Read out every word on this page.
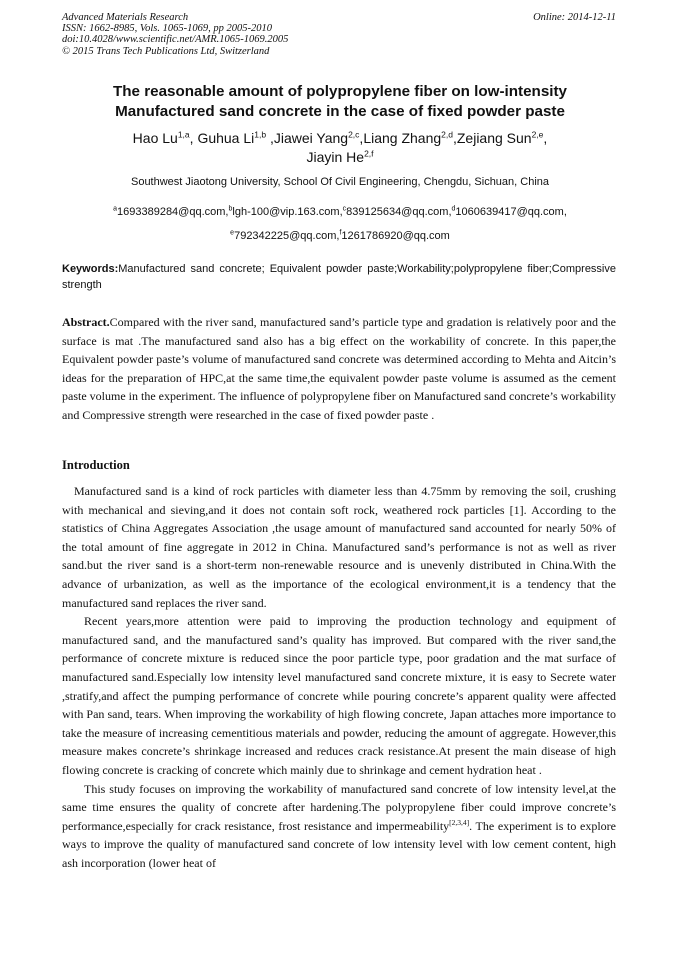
Advanced Materials Research	Online: 2014-12-11
ISSN: 1662-8985, Vols. 1065-1069, pp 2005-2010
doi:10.4028/www.scientific.net/AMR.1065-1069.2005
© 2015 Trans Tech Publications Ltd, Switzerland
The reasonable amount of polypropylene fiber on low-intensity
Manufactured sand concrete in the case of fixed powder paste
Hao Lu$^{1,a}$, Guhua Li$^{1,b}$ ,Jiawei Yang$^{2,c}$,Liang Zhang$^{2,d}$,Zejiang Sun$^{2,e}$,
Jiayin He$^{2,f}$
Southwest Jiaotong University, School Of Civil Engineering, Chengdu, Sichuan, China
$^a$1693389284@qq.com,$^b$lgh-100@vip.163.com,$^c$839125634@qq.com,$^d$1060639417@qq.com,
$^e$792342225@qq.com,$^f$1261786920@qq.com
Keywords:Manufactured sand concrete; Equivalent powder paste;Workability;polypropylene fiber;Compressive strength
Abstract.Compared with the river sand, manufactured sand’s particle type and gradation is relatively poor and the surface is mat .The manufactured sand also has a big effect on the workability of concrete. In this paper,the Equivalent powder paste’s volume of manufactured sand concrete was determined according to Mehta and Aitcin’s ideas for the preparation of HPC,at the same time,the equivalent powder paste volume is assumed as the cement paste volume in the experiment. The influence of polypropylene fiber on Manufactured sand concrete’s workability and Compressive strength were researched in the case of fixed powder paste .
Introduction

Manufactured sand is a kind of rock particles with diameter less than 4.75mm by removing the soil, crushing with mechanical and sieving,and it does not contain soft rock, weathered rock particles [1]. According to the statistics of China Aggregates Association ,the usage amount of manufactured sand accounted for nearly 50% of the total amount of fine aggregate in 2012 in China. Manufactured sand’s performance is not as well as river sand.but the river sand is a short-term non-renewable resource and is unevenly distributed in China.With the advance of urbanization, as well as the importance of the ecological environment,it is a tendency that the manufactured sand replaces the river sand.

Recent years,more attention were paid to improving the production technology and equipment of manufactured sand, and the manufactured sand’s quality has improved. But compared with the river sand,the performance of concrete mixture is reduced since the poor particle type, poor gradation and the mat surface of manufactured sand.Especially low intensity level manufactured sand concrete mixture, it is easy to Secrete water ,stratify,and affect the pumping performance of concrete while pouring concrete’s apparent quality were affected with Pan sand, tears. When improving the workability of high flowing concrete, Japan attaches more importance to take the measure of increasing cementitious materials and powder, reducing the amount of aggregate. However,this measure makes concrete’s shrinkage increased and reduces crack resistance.At present the main disease of high flowing concrete is cracking of concrete which mainly due to shrinkage and cement hydration heat .

This study focuses on improving the workability of manufactured sand concrete of low intensity level,at the same time ensures the quality of concrete after hardening.The polypropylene fiber could improve concrete’s performance,especially for crack resistance, frost resistance and impermeability[2,3,4]. The experiment is to explore ways to improve the quality of manufactured sand concrete of low intensity level with low cement content, high ash incorporation (lower heat of
